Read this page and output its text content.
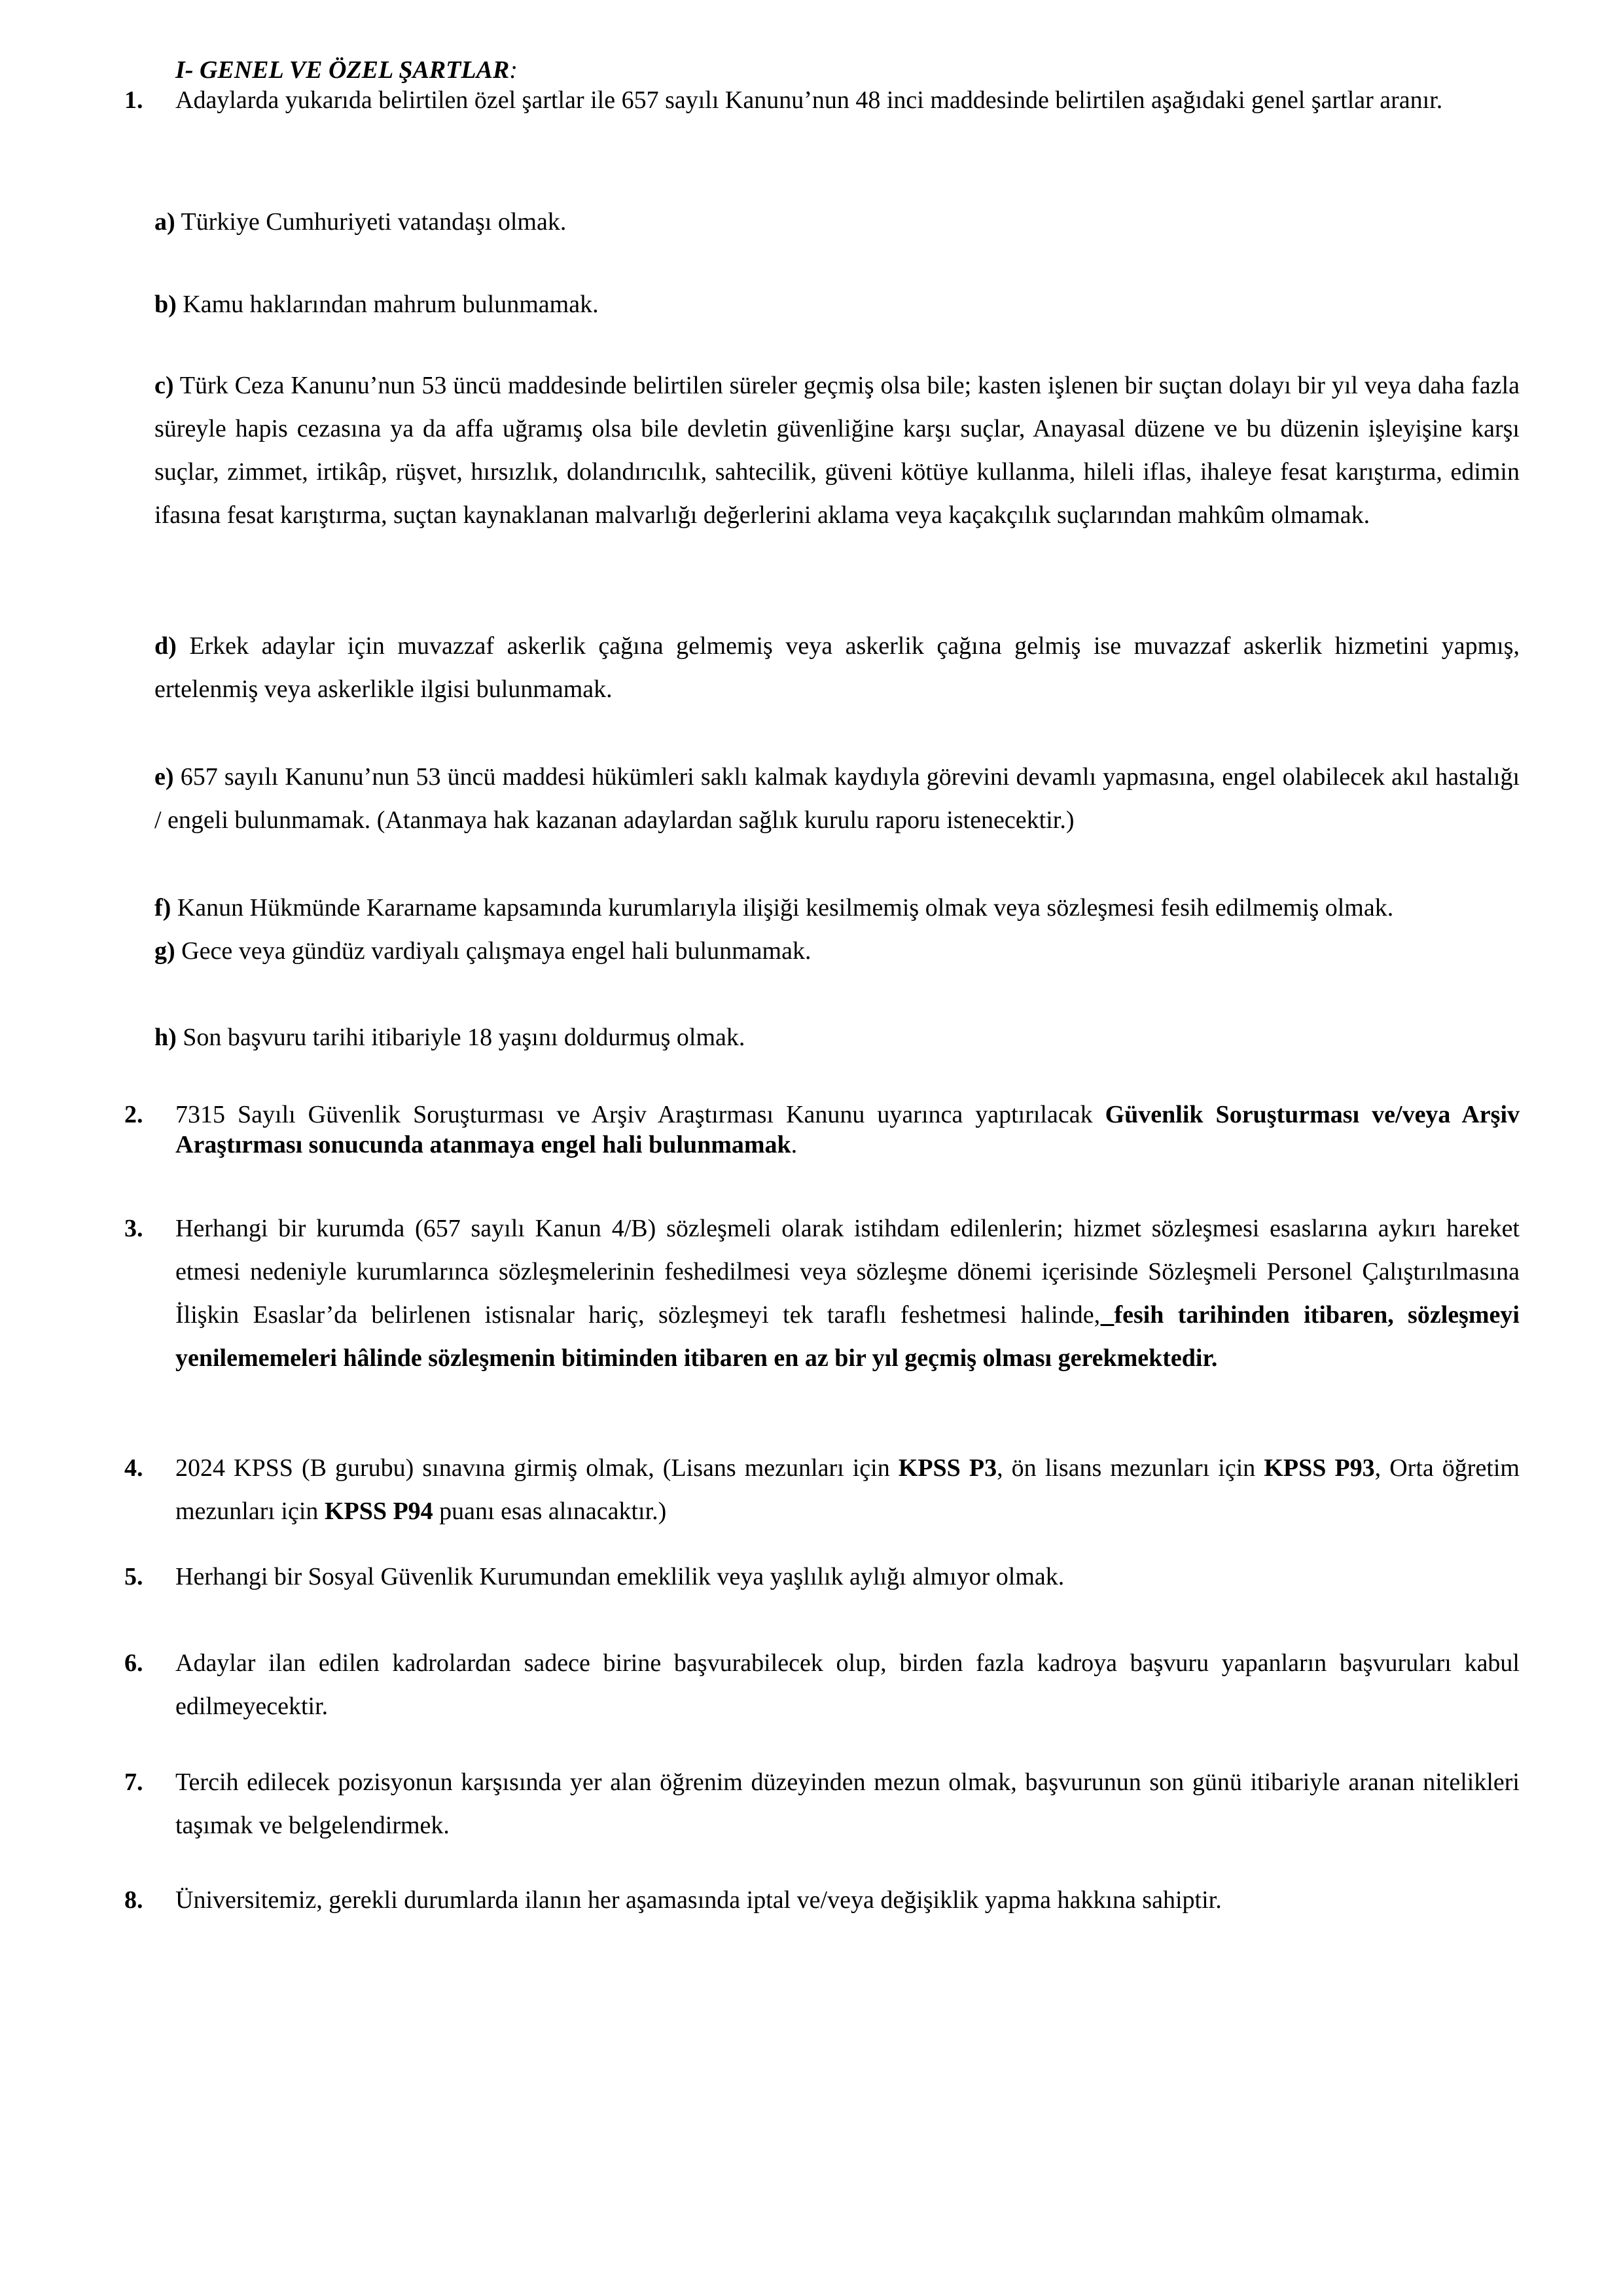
I- GENEL VE ÖZEL ŞARTLAR:
1.	Adaylarda yukarıda belirtilen özel şartlar ile 657 sayılı Kanunu’nun 48 inci maddesinde belirtilen aşağıdaki genel şartlar aranır.
a) Türkiye Cumhuriyeti vatandaşı olmak.
b) Kamu haklarından mahrum bulunmamak.
c) Türk Ceza Kanunu’nun 53 üncü maddesinde belirtilen süreler geçmiş olsa bile; kasten işlenen bir suçtan dolayı bir yıl veya daha fazla süreyle hapis cezasına ya da affa uğramış olsa bile devletin güvenliğine karşı suçlar, Anayasal düzene ve bu düzenin işleyişine karşı suçlar, zimmet, irtikâp, rüşvet, hırsızlık, dolandırıcılık, sahtecilik, güveni kötüye kullanma, hileli iflas, ihaleye fesat karıştırma, edimin ifasına fesat karıştırma, suçtan kaynaklanan malvarlığı değerlerini aklama veya kaçakçılık suçlarından mahkûm olmamak.
d) Erkek adaylar için muvazzaf askerlik çağına gelmemiş veya askerlik çağına gelmiş ise muvazzaf askerlik hizmetini yapmış, ertelenmiş veya askerlikle ilgisi bulunmamak.
e) 657 sayılı Kanunu’nun 53 üncü maddesi hükümleri saklı kalmak kaydıyla görevini devamlı yapmasına, engel olabilecek akıl hastalığı / engeli bulunmamak. (Atanmaya hak kazanan adaylardan sağlık kurulu raporu istenecektir.)
f) Kanun Hükmünde Kararname kapsamında kurumlarıyla ilişiği kesilmemiş olmak veya sözleşmesi fesih edilmemiş olmak.
g) Gece veya gündüz vardiyalı çalışmaya engel hali bulunmamak.
h) Son başvuru tarihi itibariyle 18 yaşını doldurmuş olmak.
2.	7315 Sayılı Güvenlik Soruşturması ve Arşiv Araştırması Kanunu uyarınca yaptırılacak Güvenlik Soruşturması ve/veya Arşiv Araştırması sonucunda atanmaya engel hali bulunmamak.
3.	Herhangi bir kurumda (657 sayılı Kanun 4/B) sözleşmeli olarak istihdam edilenlerin; hizmet sözleşmesi esaslarına aykırı hareket etmesi nedeniyle kurumlarınca sözleşmelerinin feshedilmesi veya sözleşme dönemi içerisinde Sözleşmeli Personel Çalıştırılmasına İlişkin Esaslar’da belirlenen istisnalar hariç, sözleşmeyi tek taraflı feshetmesi halinde, fesih tarihinden itibaren, sözleşmeyi yenilememeleri hâlinde sözleşmenin bitiminden itibaren en az bir yıl geçmiş olması gerekmektedir.
4.	2024 KPSS (B gurubu) sınavına girmiş olmak, (Lisans mezunları için KPSS P3, ön lisans mezunları için KPSS P93, Orta öğretim mezunları için KPSS P94 puanı esas alınacaktır.)
5.	Herhangi bir Sosyal Güvenlik Kurumundan emeklilik veya yaşlılık aylığı almıyor olmak.
6.	Adaylar ilan edilen kadrolardan sadece birine başvurabilecek olup, birden fazla kadroya başvuru yapanların başvuruları kabul edilmeyecektir.
7.	Tercih edilecek pozisyonun karşısında yer alan öğrenim düzeyinden mezun olmak, başvurunun son günü itibariyle aranan nitelikleri taşımak ve belgelendirmek.
8.	Üniversitemiz, gerekli durumlarda ilanın her aşamasında iptal ve/veya değişiklik yapma hakkına sahiptir.
